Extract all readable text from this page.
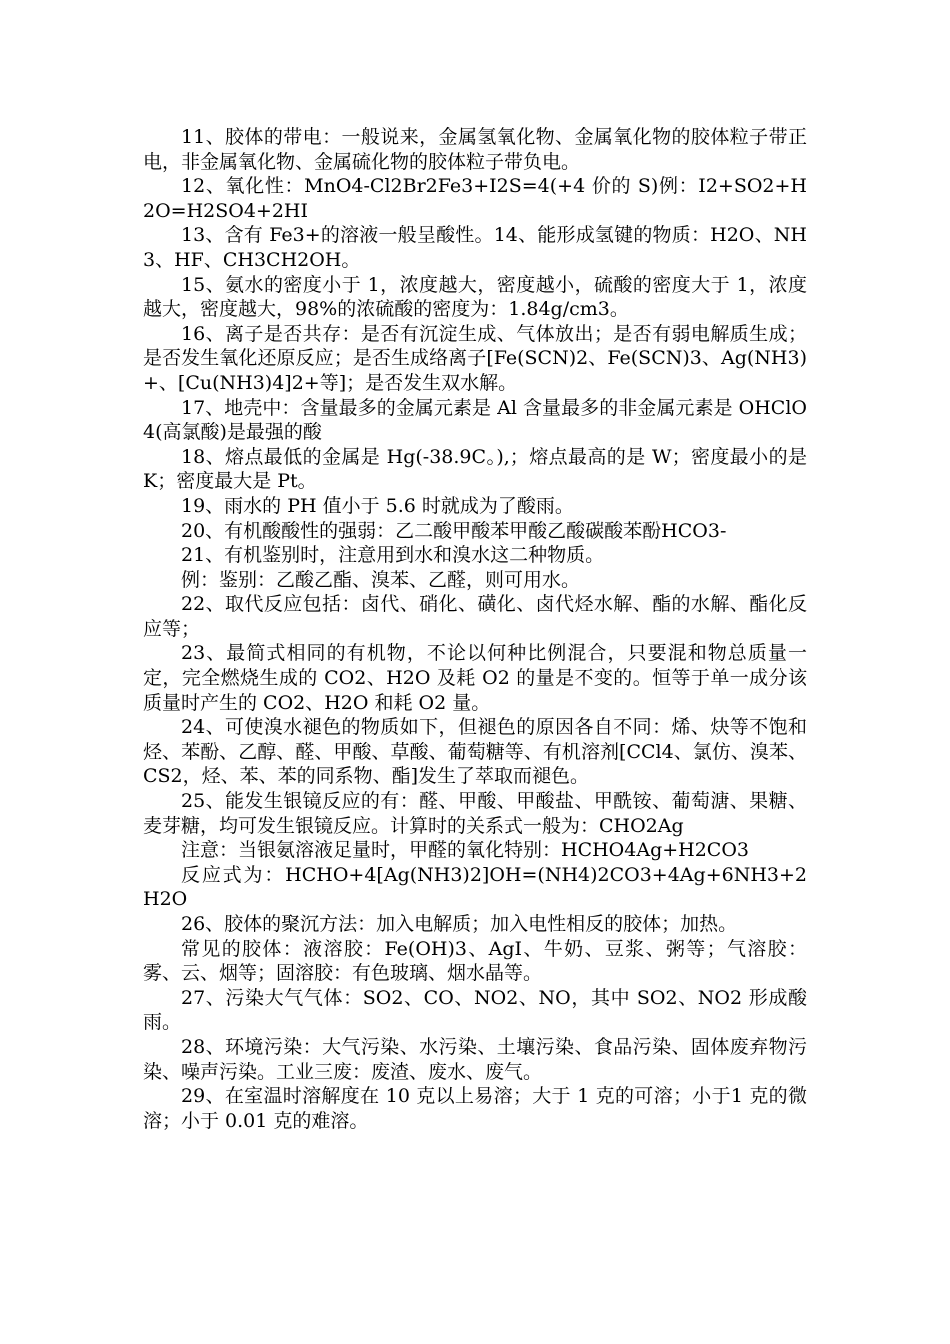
11、胶体的带电：一般说来，金属氢氧化物、金属氧化物的胶体粒子带正电，非金属氧化物、金属硫化物的胶体粒子带负电。

12、氧化性：MnO4-Cl2Br2Fe3+I2S=4(+4 价的 S)例：I2+SO2+H2O=H2SO4+2HI

13、含有 Fe3+的溶液一般呈酸性。14、能形成氢键的物质：H2O、NH3、HF、CH3CH2OH。

15、氨水的密度小于 1，浓度越大，密度越小，硫酸的密度大于 1，浓度越大，密度越大，98%的浓硫酸的密度为：1.84g/cm3。

16、离子是否共存：是否有沉淀生成、气体放出；是否有弱电解质生成；是否发生氧化还原反应；是否生成络离子[Fe(SCN)2、Fe(SCN)3、Ag(NH3)+、[Cu(NH3)4]2+等]；是否发生双水解。

17、地壳中：含量最多的金属元素是 Al 含量最多的非金属元素是 OHClO4(高氯酸)是最强的酸

18、熔点最低的金属是 Hg(-38.9C。),；熔点最高的是 W；密度最小的是 K；密度最大是 Pt。

19、雨水的 PH 值小于 5.6 时就成为了酸雨。

20、有机酸酸性的强弱：乙二酸甲酸苯甲酸乙酸碳酸苯酚HCO3-

21、有机鉴别时，注意用到水和溴水这二种物质。

例：鉴别：乙酸乙酯、溴苯、乙醛，则可用水。

22、取代反应包括：卤代、硝化、磺化、卤代烃水解、酯的水解、酯化反应等；

23、最简式相同的有机物，不论以何种比例混合，只要混和物总质量一定，完全燃烧生成的 CO2、H2O 及耗 O2 的量是不变的。恒等于单一成分该质量时产生的 CO2、H2O 和耗 O2 量。

24、可使溴水褪色的物质如下，但褪色的原因各自不同：烯、炔等不饱和烃、苯酚、乙醇、醛、甲酸、草酸、葡萄糖等、有机溶剂[CCl4、氯仿、溴苯、CS2，烃、苯、苯的同系物、酯]发生了萃取而褪色。

25、能发生银镜反应的有：醛、甲酸、甲酸盐、甲酰铵、葡萄溏、果糖、麦芽糖，均可发生银镜反应。计算时的关系式一般为：CHO2Ag

注意：当银氨溶液足量时，甲醛的氧化特别：HCHO4Ag+H2CO3

反应式为：HCHO+4[Ag(NH3)2]OH=(NH4)2CO3+4Ag+6NH3+2H2O

26、胶体的聚沉方法：加入电解质；加入电性相反的胶体；加热。

常见的胶体：液溶胶：Fe(OH)3、AgI、牛奶、豆浆、粥等；气溶胶：雾、云、烟等；固溶胶：有色玻璃、烟水晶等。

27、污染大气气体：SO2、CO、NO2、NO，其中 SO2、NO2 形成酸雨。

28、环境污染：大气污染、水污染、土壤污染、食品污染、固体废弃物污染、噪声污染。工业三废：废渣、废水、废气。

29、在室温时溶解度在 10 克以上易溶；大于 1 克的可溶；小于1 克的微溶；小于 0.01 克的难溶。
